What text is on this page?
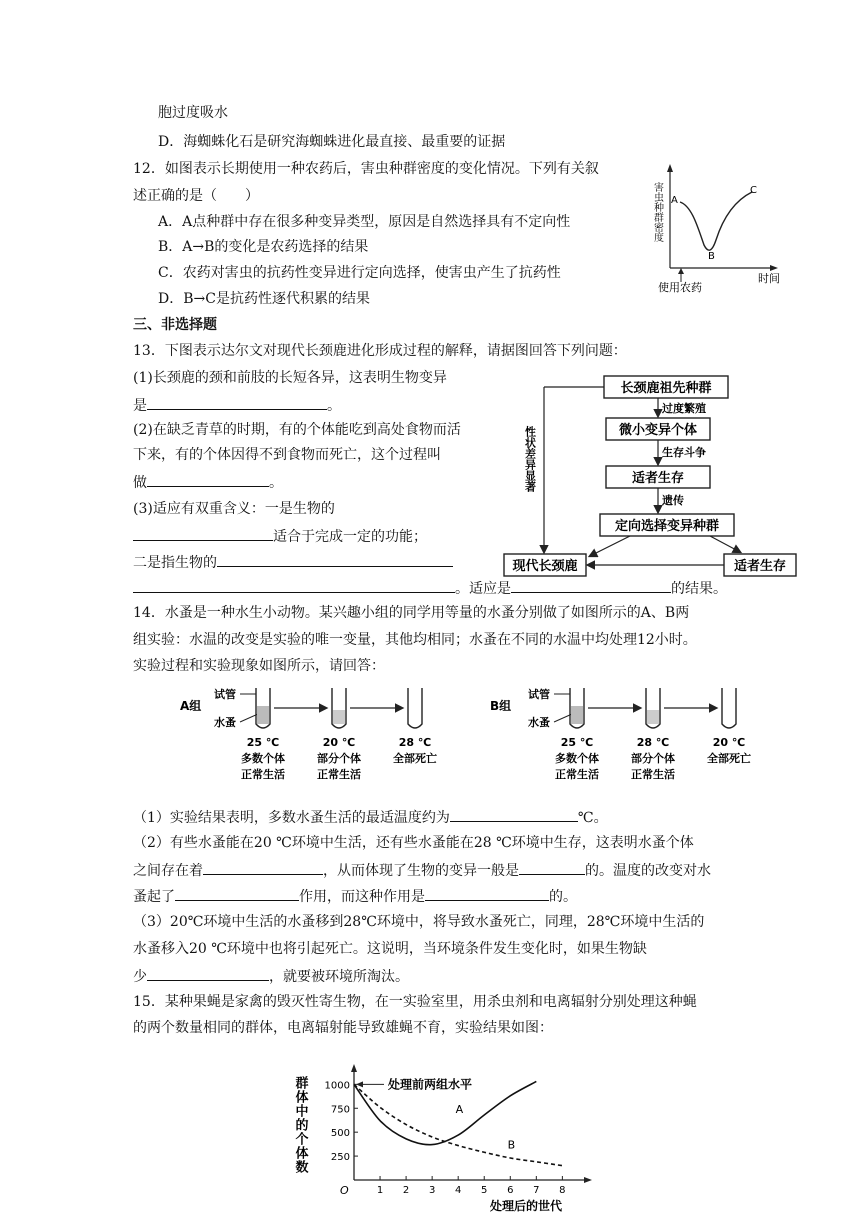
胞过度吸水
D．海蜘蛛化石是研究海蜘蛛进化最直接、最重要的证据
12．如图表示长期使用一种农药后，害虫种群密度的变化情况。下列有关叙
述正确的是（　　）
A．A点种群中存在很多种变异类型，原因是自然选择具有不定向性
B．A→B的变化是农药选择的结果
C．农药对害虫的抗药性变异进行定向选择，使害虫产生了抗药性
D．B→C是抗药性逐代积累的结果
三、非选择题
13．下图表示达尔文对现代长颈鹿进化形成过程的解释，请据图回答下列问题：
(1)长颈鹿的颈和前肢的长短各异，这表明生物变异
是	。
(2)在缺乏青草的时期，有的个体能吃到高处食物而活
下来，有的个体因得不到食物而死亡，这个过程叫
做	。
(3)适应有双重含义：一是生物的
适合于完成一定的功能；
二是指生物的
。适应是	的结果。
14．水蚤是一种水生小动物。某兴趣小组的同学用等量的水蚤分别做了如图所示的A、B两
组实验：水温的改变是实验的唯一变量，其他均相同；水蚤在不同的水温中均处理12小时。
实验过程和实验现象如图所示，请回答：
（1）实验结果表明，多数水蚤生活的最适温度约为	℃。
（2）有些水蚤能在20 ℃环境中生活，还有些水蚤能在28 ℃环境中生存，这表明水蚤个体
之间存在着	，从而体现了生物的变异一般是	的。温度的改变对水
蚤起了	作用，而这种作用是	的。
（3）20℃环境中生活的水蚤移到28℃环境中，将导致水蚤死亡，同理，28℃环境中生活的
水蚤移入20 ℃环境中也将引起死亡。这说明，当环境条件发生变化时，如果生物缺
少	，就要被环境所淘汰。
15．某种果蝇是家禽的毁灭性寄生物，在一实验室里，用杀虫剂和电离辐射分别处理这种蝇
的两个数量相同的群体，电离辐射能导致雄蝇不育，实验结果如图：
害虫种群密度 A
B
C
使用农药
时间
长颈鹿祖先种群
微小变异个体
适者生存
定向选择变异种群
现代长颈鹿	适者生存
过度繁殖
生存斗争
遗传
性状差异显著
A组
试管
水蚤
25 ℃
多数个体
正常生活
20 ℃
部分个体
正常生活
28 ℃
全部死亡
B组
试管
水蚤
25 ℃
多数个体
正常生活
28 ℃
部分个体
正常生活
20 ℃
全部死亡
O	1 2 3 4 5 6 7 8
250
500
750
1000
群体中的个体数
处理后的世代
处理前两组水平
A
B
